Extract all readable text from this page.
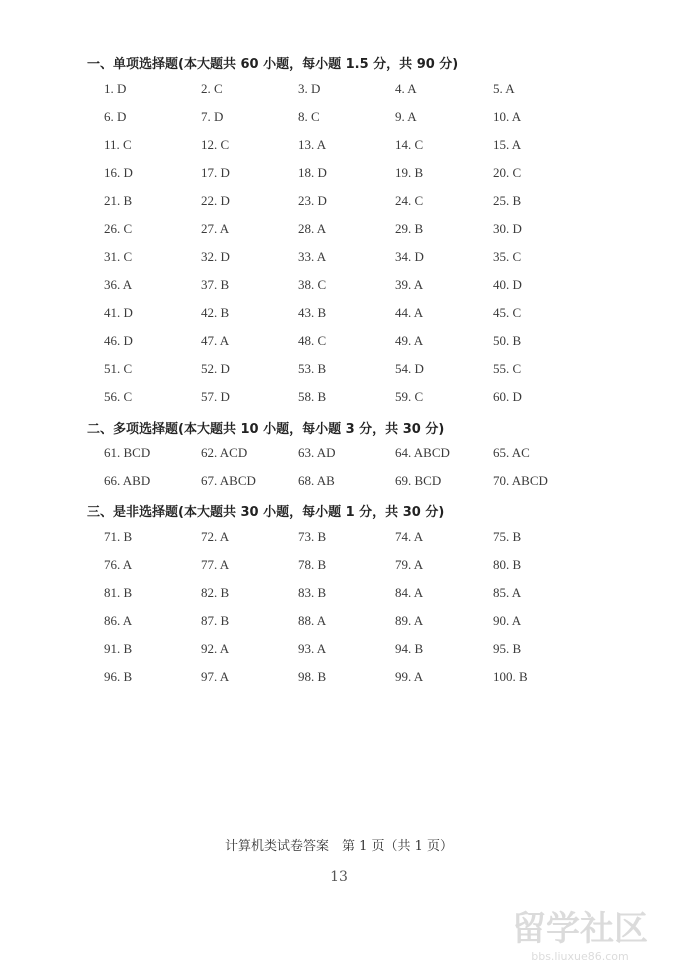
一、单项选择题(本大题共 60 小题，每小题 1.5 分，共 90 分)
1. D	2. C	3. D	4. A	5. A
6. D	7. D	8. C	9. A	10. A
11. C	12. C	13. A	14. C	15. A
16. D	17. D	18. D	19. B	20. C
21. B	22. D	23. D	24. C	25. B
26. C	27. A	28. A	29. B	30. D
31. C	32. D	33. A	34. D	35. C
36. A	37. B	38. C	39. A	40. D
41. D	42. B	43. B	44. A	45. C
46. D	47. A	48. C	49. A	50. B
51. C	52. D	53. B	54. D	55. C
56. C	57. D	58. B	59. C	60. D
二、多项选择题(本大题共 10 小题，每小题 3 分，共 30 分)
61. BCD	62. ACD	63. AD	64. ABCD	65. AC
66. ABD	67. ABCD	68. AB	69. BCD	70. ABCD
三、是非选择题(本大题共 30 小题，每小题 1 分，共 30 分)
71. B	72. A	73. B	74. A	75. B
76. A	77. A	78. B	79. A	80. B
81. B	82. B	83. B	84. A	85. A
86. A	87. B	88. A	89. A	90. A
91. B	92. A	93. A	94. B	95. B
96. B	97. A	98. B	99. A	100. B
计算机类试卷答案　第 1 页（共 1 页）
13
留学社区
bbs.liuxue86.com
